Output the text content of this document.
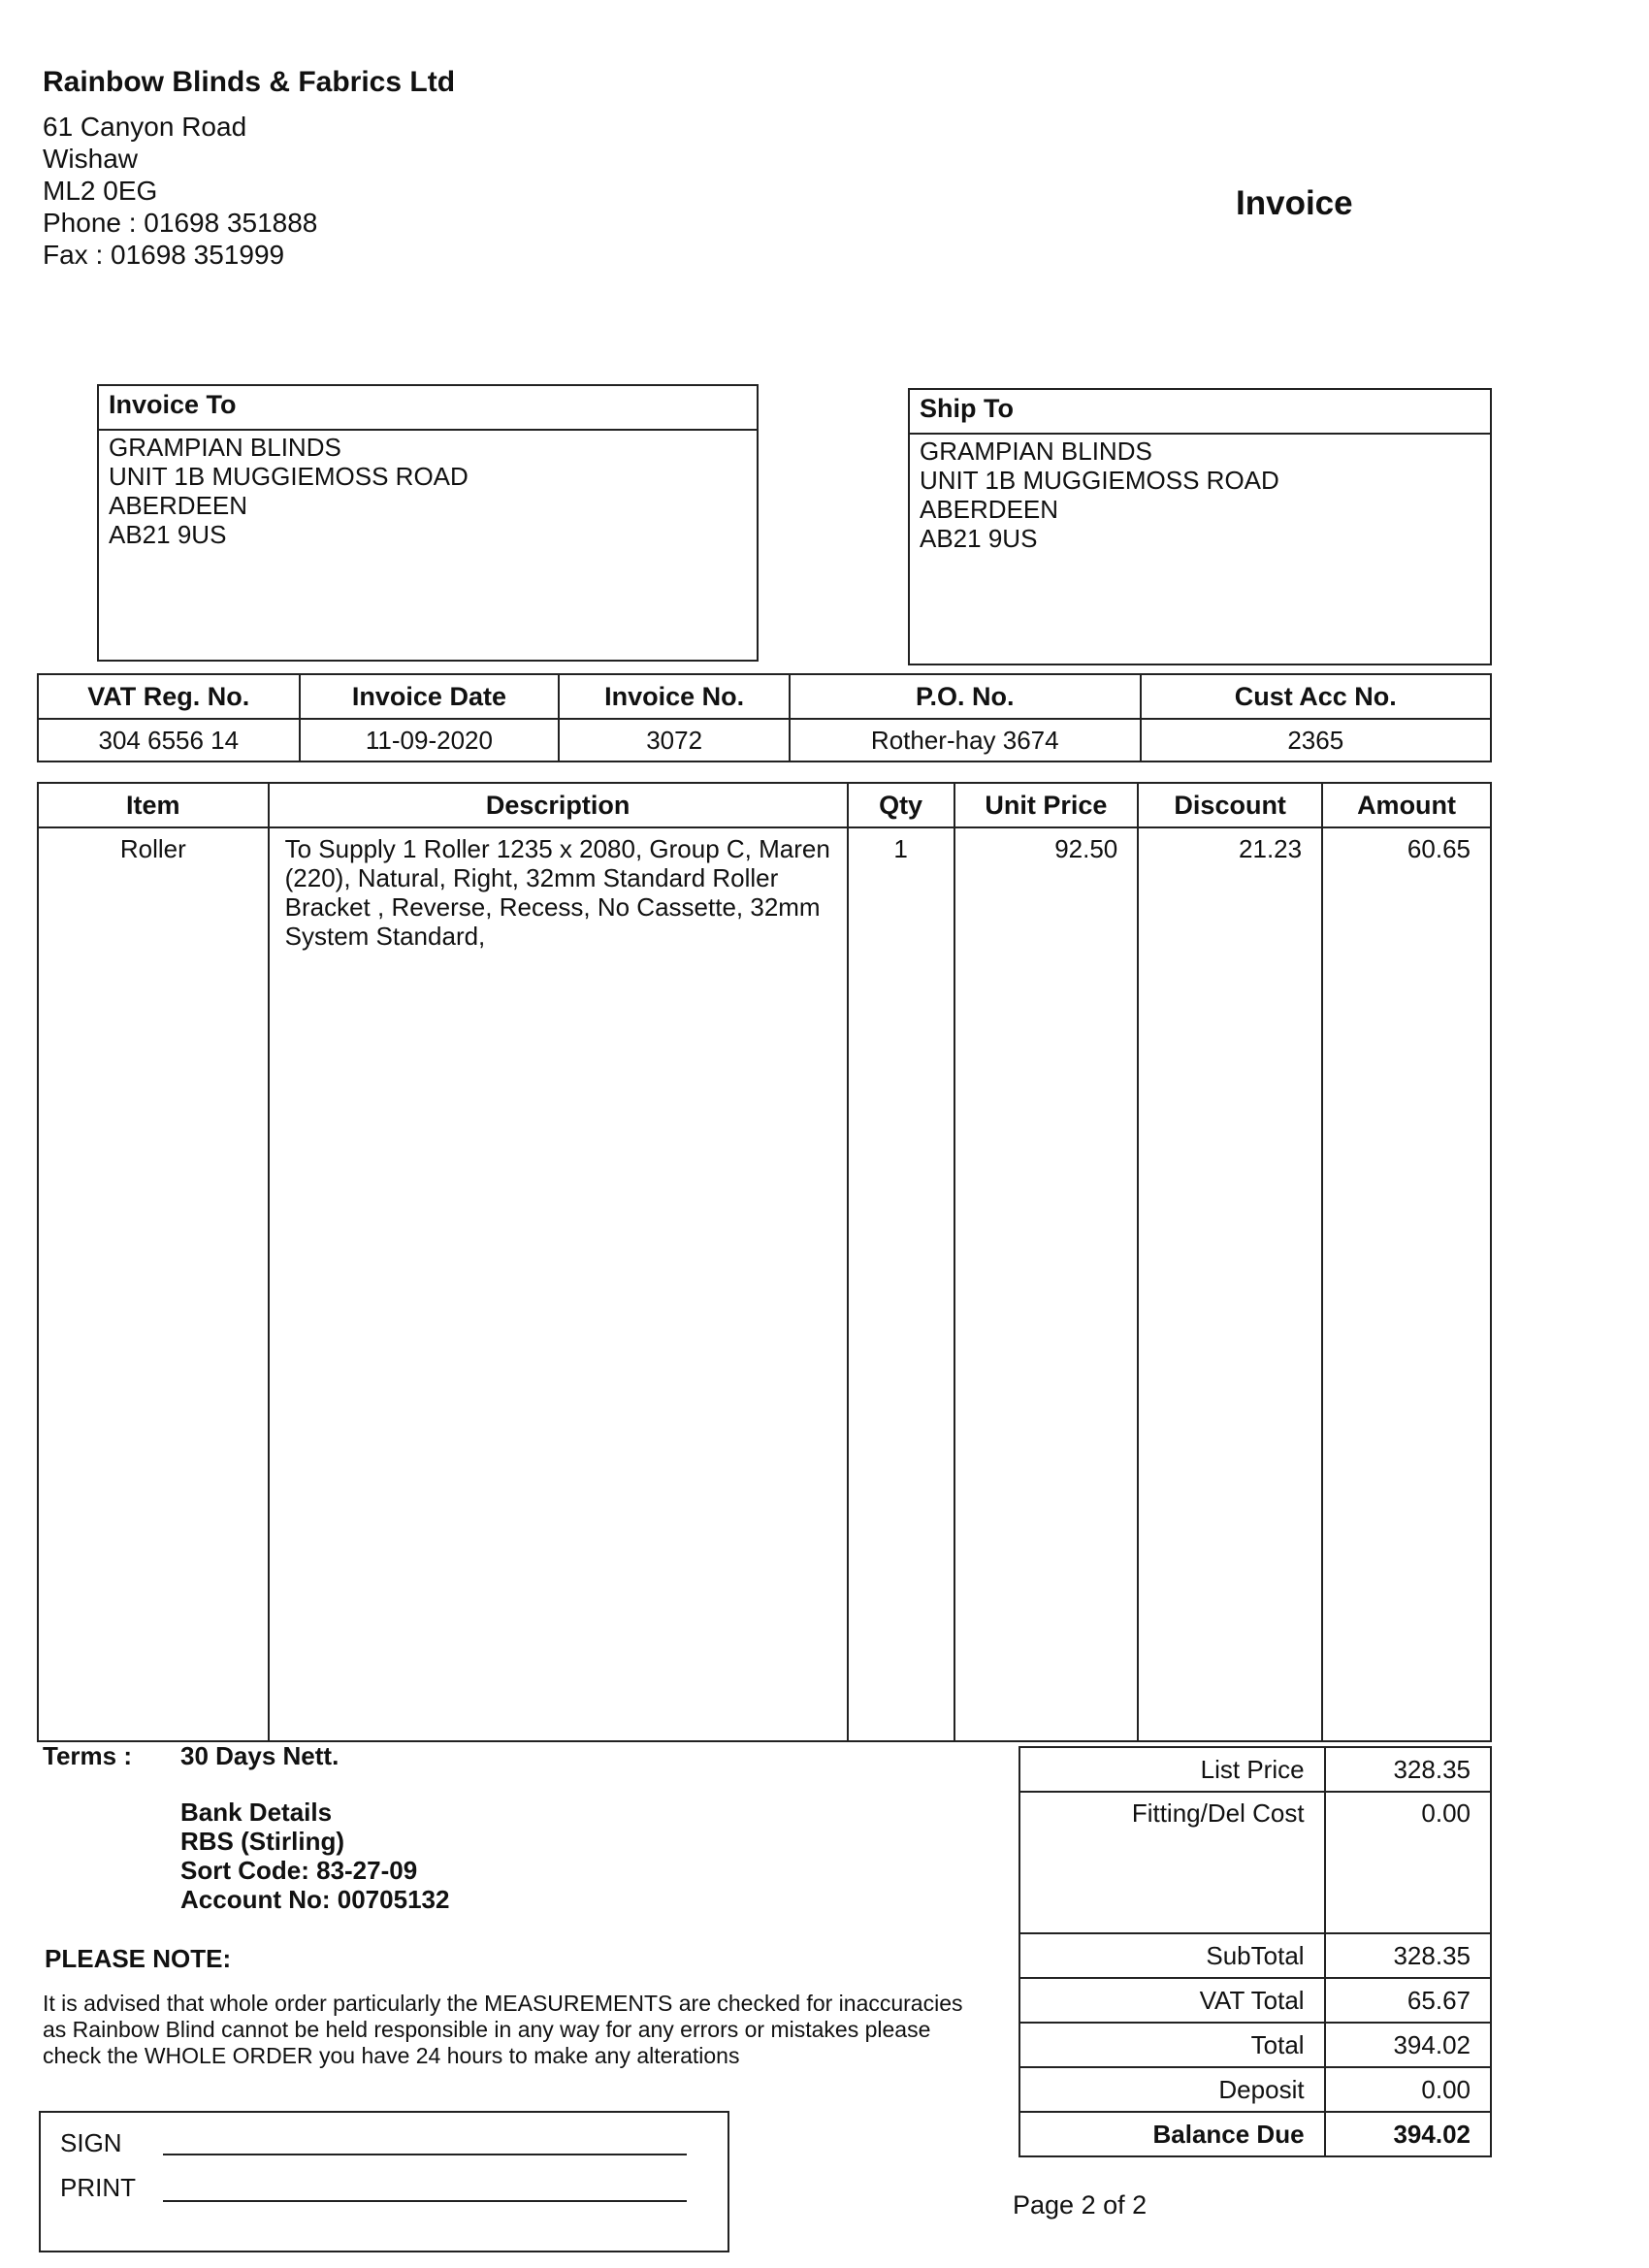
Rainbow Blinds & Fabrics Ltd
61 Canyon Road
Wishaw
ML2 0EG
Phone : 01698 351888
Fax : 01698 351999
Invoice
Invoice To
GRAMPIAN BLINDS
UNIT 1B MUGGIEMOSS ROAD
ABERDEEN
AB21 9US
Ship To
GRAMPIAN BLINDS
UNIT 1B MUGGIEMOSS ROAD
ABERDEEN
AB21 9US
VAT Reg. No.	Invoice Date	Invoice No.	P.O. No.	Cust Acc No.
304 6556 14	11-09-2020	3072	Rother-hay 3674	2365
Item	Description	Qty	Unit Price	Discount	Amount
Roller	To Supply 1 Roller 1235 x 2080, Group C, Maren (220), Natural, Right, 32mm Standard Roller Bracket , Reverse, Recess, No Cassette, 32mm System Standard,	1	92.50	21.23	60.65
Terms : 30 Days Nett.
Bank Details
RBS (Stirling)
Sort Code: 83-27-09
Account No: 00705132
PLEASE NOTE:
It is advised that whole order particularly the MEASUREMENTS are checked for inaccuracies as Rainbow Blind cannot be held responsible in any way for any errors or mistakes please check the WHOLE ORDER you have 24 hours to make any alterations
SIGN
PRINT
List Price	328.35
Fitting/Del Cost	0.00
SubTotal	328.35
VAT Total	65.67
Total	394.02
Deposit	0.00
Balance Due	394.02
Page 2 of 2
